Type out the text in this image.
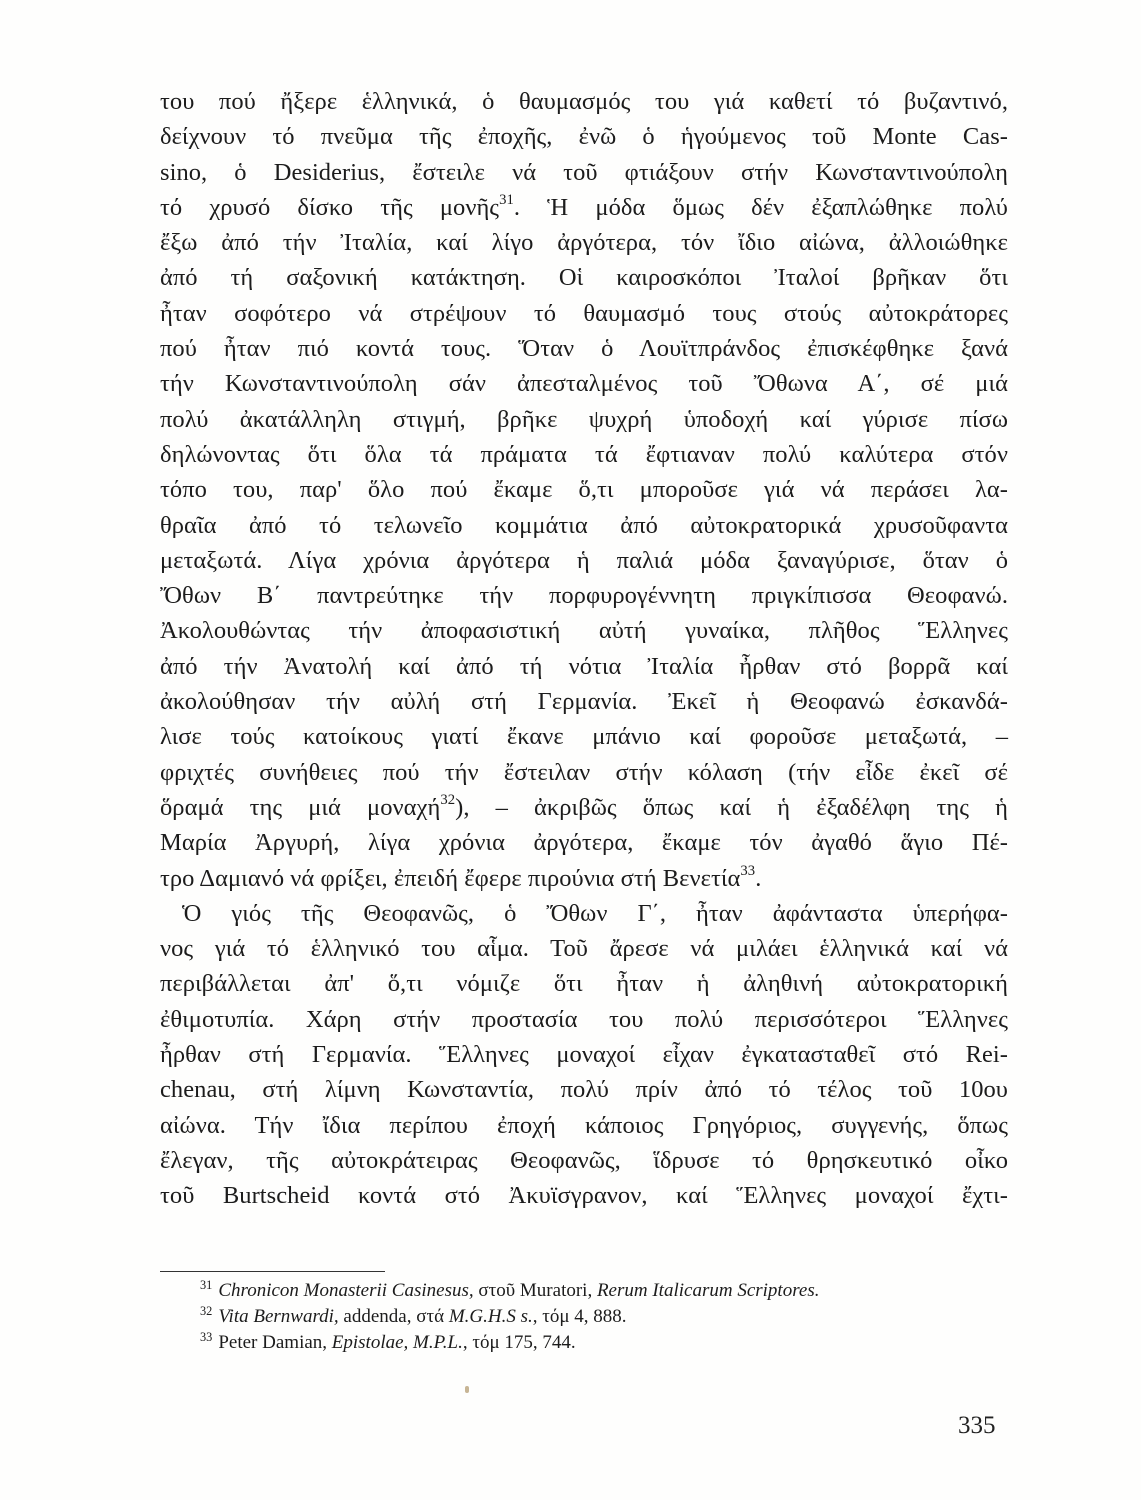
του πού ἤξερε ἑλληνικά, ὁ θαυμασμός του γιά καθετί τό βυζαντινό,
δείχνουν τό πνεῦμα τῆς ἐποχῆς, ἐνῶ ὁ ἡγούμενος τοῦ Monte Cas-
sino, ὁ Desiderius, ἔστειλε νά τοῦ φτιάξουν στήν Κωνσταντινούπολη
τό χρυσό δίσκο τῆς μονῆς$^{31}$. Ἡ μόδα ὅμως δέν ἐξαπλώθηκε πολύ
ἔξω ἀπό τήν Ἰταλία, καί λίγο ἀργότερα, τόν ἴδιο αἰώνα, ἀλλοιώθηκε
ἀπό τή σαξονική κατάκτηση. Οἱ καιροσκόποι Ἰταλοί βρῆκαν ὅτι
ἦταν σοφότερο νά στρέψουν τό θαυμασμό τους στούς αὐτοκράτορες
πού ἦταν πιό κοντά τους. Ὅταν ὁ Λουϊτπράνδος ἐπισκέφθηκε ξανά
τήν Κωνσταντινούπολη σάν ἀπεσταλμένος τοῦ Ὄθωνα Α΄, σέ μιά
πολύ ἀκατάλληλη στιγμή, βρῆκε ψυχρή ὑποδοχή καί γύρισε πίσω
δηλώνοντας ὅτι ὅλα τά πράματα τά ἔφτιαναν πολύ καλύτερα στόν
τόπο του, παρ' ὅλο πού ἔκαμε ὅ,τι μποροῦσε γιά νά περάσει λα-
θραῖα ἀπό τό τελωνεῖο κομμάτια ἀπό αὐτοκρατορικά χρυσοῦφαντα
μεταξωτά. Λίγα χρόνια ἀργότερα ἡ παλιά μόδα ξαναγύρισε, ὅταν ὁ
Ὄθων Β΄ παντρεύτηκε τήν πορφυρογέννητη πριγκίπισσα Θεοφανώ.
Ἀκολουθώντας τήν ἀποφασιστική αὐτή γυναίκα, πλῆθος Ἕλληνες
ἀπό τήν Ἀνατολή καί ἀπό τή νότια Ἰταλία ἦρθαν στό βορρᾶ καί
ἀκολούθησαν τήν αὐλή στή Γερμανία. Ἐκεῖ ἡ Θεοφανώ ἐσκανδά-
λισε τούς κατοίκους γιατί ἔκανε μπάνιο καί φοροῦσε μεταξωτά, –
φριχτές συνήθειες πού τήν ἔστειλαν στήν κόλαση (τήν εἶδε ἐκεῖ σέ
ὅραμά της μιά μοναχή$^{32}$), – ἀκριβῶς ὅπως καί ἡ ἐξαδέλφη της ἡ
Μαρία Ἀργυρή, λίγα χρόνια ἀργότερα, ἔκαμε τόν ἀγαθό ἅγιο Πέ-
τρο Δαμιανό νά φρίξει, ἐπειδή ἔφερε πιρούνια στή Βενετία$^{33}$.
Ὁ γιός τῆς Θεοφανῶς, ὁ Ὄθων Γ΄, ἦταν ἀφάνταστα ὑπερήφα-
νος γιά τό ἑλληνικό του αἷμα. Τοῦ ἄρεσε νά μιλάει ἑλληνικά καί νά
περιβάλλεται ἀπ' ὅ,τι νόμιζε ὅτι ἦταν ἡ ἀληθινή αὐτοκρατορική
ἐθιμοτυπία. Χάρη στήν προστασία του πολύ περισσότεροι Ἕλληνες
ἦρθαν στή Γερμανία. Ἕλληνες μοναχοί εἶχαν ἐγκατασταθεῖ στό Rei-
chenau, στή λίμνη Κωνσταντία, πολύ πρίν ἀπό τό τέλος τοῦ 10ου
αἰώνα. Τήν ἴδια περίπου ἐποχή κάποιος Γρηγόριος, συγγενής, ὅπως
ἔλεγαν, τῆς αὐτοκράτειρας Θεοφανῶς, ἵδρυσε τό θρησκευτικό οἶκο
τοῦ Burtscheid κοντά στό Ἀκυϊσγρανον, καί Ἕλληνες μοναχοί ἔχτι-
$^{31}$ Chronicon Monasterii Casinesus, στοῦ Muratori, Rerum Italicarum Scriptores.
$^{32}$ Vita Bernwardi, addenda, στά M.G.H.S s., τόμ 4, 888.
$^{33}$ Peter Damian, Epistolae, M.P.L., τόμ 175, 744.
335
